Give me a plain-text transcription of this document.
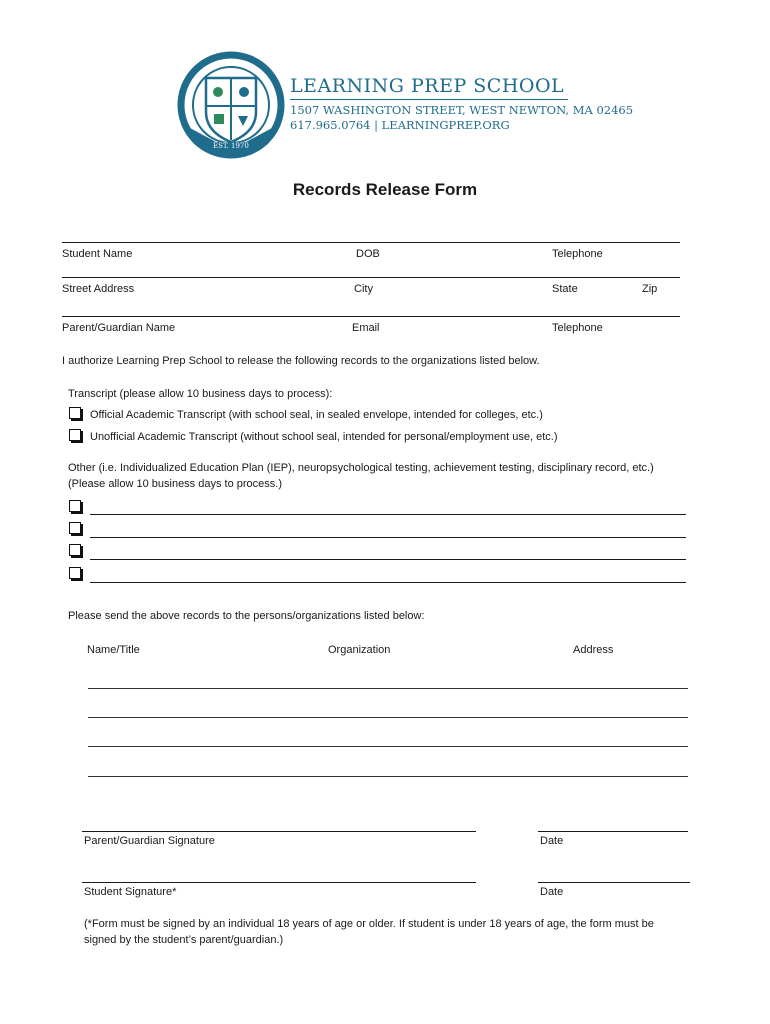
EST. 1970
LEARNING PREP SCHOOL
1507 WASHINGTON STREET, WEST NEWTON, MA 02465
617.965.0764 | LEARNINGPREP.ORG
Records Release Form
Student Name	DOB	Telephone
Street Address	City	State	Zip
Parent/Guardian Name	Email	Telephone
I authorize Learning Prep School to release the following records to the organizations listed below.
Transcript (please allow 10 business days to process):
Official Academic Transcript (with school seal, in sealed envelope, intended for colleges, etc.)
Unofficial Academic Transcript (without school seal, intended for personal/employment use, etc.)
Other (i.e. Individualized Education Plan (IEP), neuropsychological testing, achievement testing, disciplinary record, etc.)
(Please allow 10 business days to process.)
Please send the above records to the persons/organizations listed below:
Name/Title	Organization	Address
Parent/Guardian Signature	Date
Student Signature*	Date
(*Form must be signed by an individual 18 years of age or older. If student is under 18 years of age, the form must be
signed by the student’s parent/guardian.)
